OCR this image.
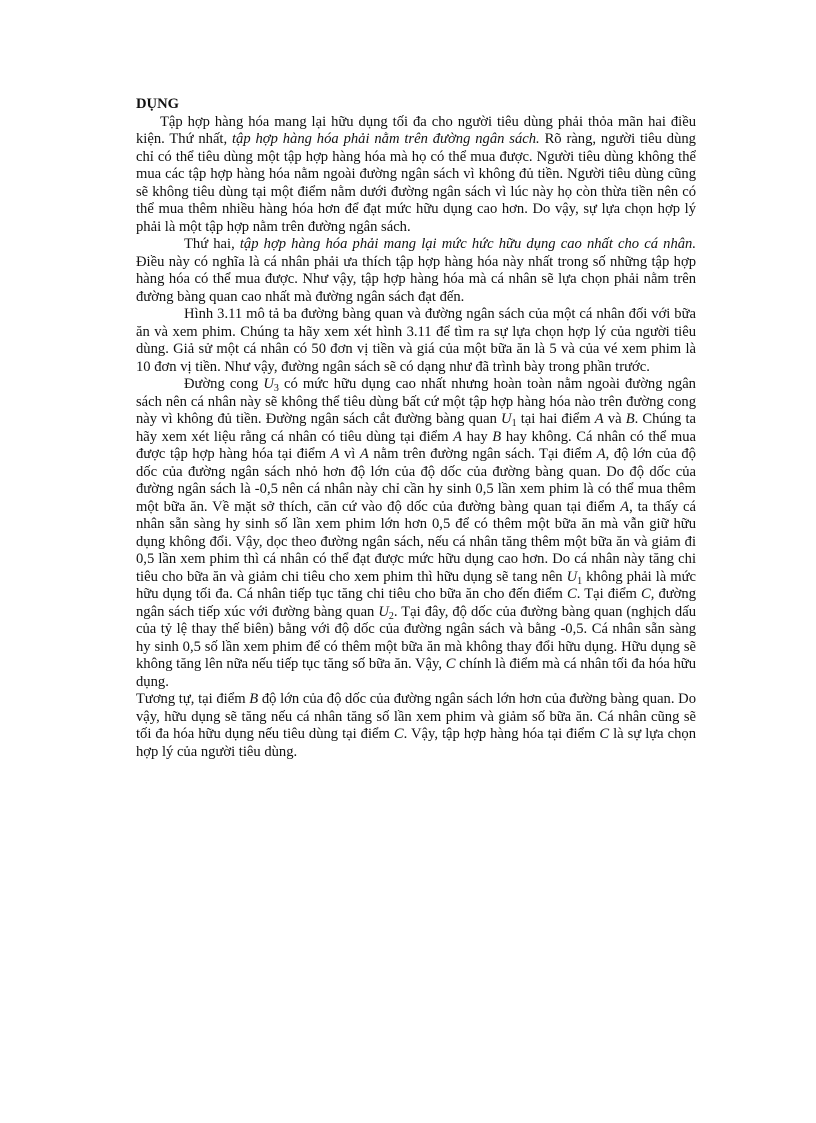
DỤNG

Tập hợp hàng hóa mang lại hữu dụng tối đa cho người tiêu dùng phải thỏa mãn hai điều kiện. Thứ nhất, tập hợp hàng hóa phải nằm trên đường ngân sách. Rõ ràng, người tiêu dùng chỉ có thể tiêu dùng một tập hợp hàng hóa mà họ có thể mua được. Người tiêu dùng không thể mua các tập hợp hàng hóa nằm ngoài đường ngân sách vì không đủ tiền. Người tiêu dùng cũng sẽ không tiêu dùng tại một điểm nằm dưới đường ngân sách vì lúc này họ còn thừa tiền nên có thể mua thêm nhiều hàng hóa hơn để đạt mức hữu dụng cao hơn. Do vậy, sự lựa chọn hợp lý phải là một tập hợp nằm trên đường ngân sách.

Thứ hai, tập hợp hàng hóa phải mang lại mức hức hữu dụng cao nhất cho cá nhân. Điều này có nghĩa là cá nhân phải ưa thích tập hợp hàng hóa này nhất trong số những tập hợp hàng hóa có thể mua được. Như vậy, tập hợp hàng hóa mà cá nhân sẽ lựa chọn phải nằm trên đường bàng quan cao nhất mà đường ngân sách đạt đến.

Hình 3.11 mô tả ba đường bàng quan và đường ngân sách của một cá nhân đối với bữa ăn và xem phim. Chúng ta hãy xem xét hình 3.11 để tìm ra sự lựa chọn hợp lý của người tiêu dùng. Giả sử một cá nhân có 50 đơn vị tiền và giá của một bữa ăn là 5 và của vé xem phim là 10 đơn vị tiền. Như vậy, đường ngân sách sẽ có dạng như đã trình bày trong phần trước.

Đường cong $U_3$ có mức hữu dụng cao nhất nhưng hoàn toàn nằm ngoài đường ngân sách nên cá nhân này sẽ không thể tiêu dùng bất cứ một tập hợp hàng hóa nào trên đường cong này vì không đủ tiền. Đường ngân sách cắt đường bàng quan $U_1$ tại hai điểm A và B. Chúng ta hãy xem xét liệu rằng cá nhân có tiêu dùng tại điểm A hay B hay không. Cá nhân có thể mua được tập hợp hàng hóa tại điểm A vì A nằm trên đường ngân sách. Tại điểm A, độ lớn của độ dốc của đường ngân sách nhỏ hơn độ lớn của độ dốc của đường bàng quan. Do độ dốc của đường ngân sách là -0,5 nên cá nhân này chỉ cần hy sinh 0,5 lần xem phim là có thể mua thêm một bữa ăn. Về mặt sở thích, căn cứ vào độ dốc của đường bàng quan tại điểm A, ta thấy cá nhân sẵn sàng hy sinh số lần xem phim lớn hơn 0,5 để có thêm một bữa ăn mà vẫn giữ hữu dụng không đổi. Vậy, dọc theo đường ngân sách, nếu cá nhân tăng thêm một bữa ăn và giảm đi 0,5 lần xem phim thì cá nhân có thể đạt được mức hữu dụng cao hơn. Do cá nhân này tăng chi tiêu cho bữa ăn và giảm chi tiêu cho xem phim thì hữu dụng sẽ tang nên $U_1$ không phải là mức hữu dụng tối đa. Cá nhân tiếp tục tăng chi tiêu cho bữa ăn cho đến điểm C. Tại điểm C, đường ngân sách tiếp xúc với đường bàng quan $U_2$. Tại đây, độ dốc của đường bàng quan (nghịch dấu của tỷ lệ thay thế biên) bằng với độ dốc của đường ngân sách và bằng -0,5. Cá nhân sẵn sàng hy sinh 0,5 số lần xem phim để có thêm một bữa ăn mà không thay đổi hữu dụng. Hữu dụng sẽ không tăng lên nữa nếu tiếp tục tăng số bữa ăn. Vậy, C chính là điểm mà cá nhân tối đa hóa hữu dụng.

Tương tự, tại điểm B độ lớn của độ dốc của đường ngân sách lớn hơn của đường bàng quan. Do vậy, hữu dụng sẽ tăng nếu cá nhân tăng số lần xem phim và giảm số bữa ăn. Cá nhân cũng sẽ tối đa hóa hữu dụng nếu tiêu dùng tại điểm C. Vậy, tập hợp hàng hóa tại điểm C là sự lựa chọn hợp lý của người tiêu dùng.
